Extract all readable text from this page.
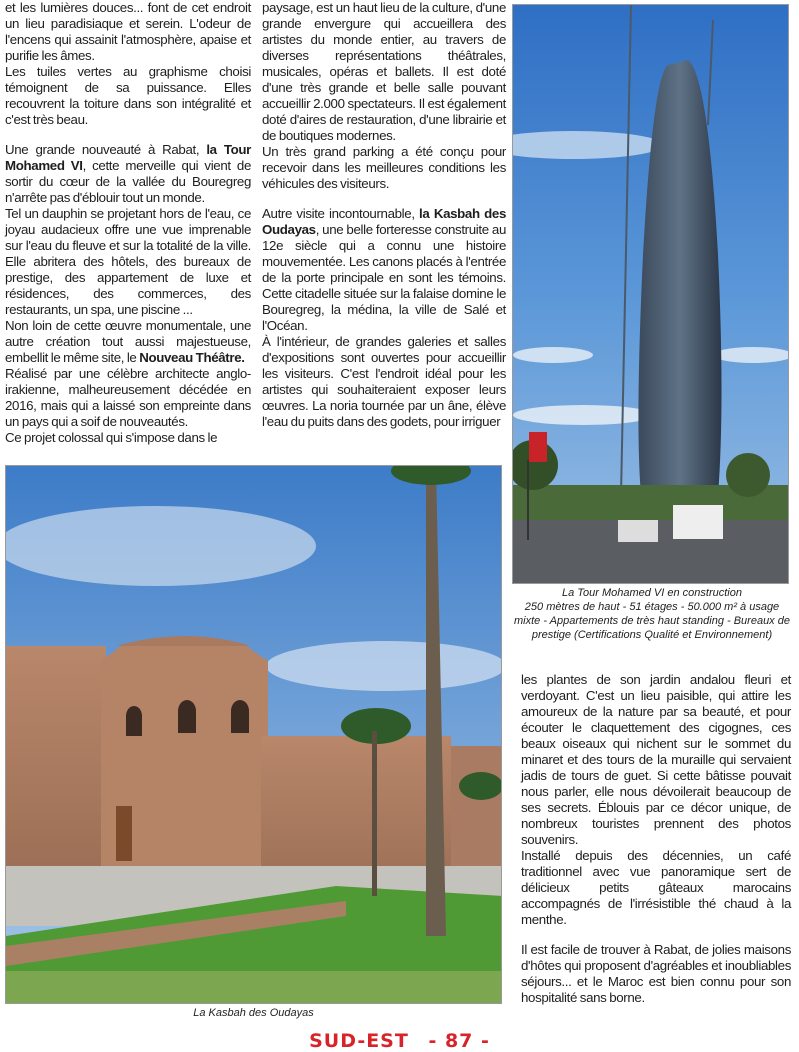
et les lumières douces... font de cet endroit un lieu paradisiaque et serein. L'odeur de l'encens qui assainit l'atmosphère, apaise et purifie les âmes.

Les tuiles vertes au graphisme choisi témoignent de sa puissance. Elles recouvrent la toiture dans son intégralité et c'est très beau.

Une grande nouveauté à Rabat, la Tour Mohamed VI, cette merveille qui vient de sortir du cœur de la vallée du Bouregreg n'arrête pas d'éblouir tout un monde.

Tel un dauphin se projetant hors de l'eau, ce joyau audacieux offre une vue imprenable sur l'eau du fleuve et sur la totalité de la ville. Elle abritera des hôtels, des bureaux de prestige, des appartement de luxe et résidences, des commerces, des restaurants, un spa, une piscine ...

Non loin de cette œuvre monumentale, une autre création tout aussi majestueuse, embellit le même site, le Nouveau Théâtre.

Réalisé par une célèbre architecte anglo-irakienne, malheureusement décédée en 2016, mais qui a laissé son empreinte dans un pays qui a soif de nouveautés.

Ce projet colossal qui s'impose dans le

paysage, est un haut lieu de la culture, d'une grande envergure qui accueillera des artistes du monde entier, au travers de diverses représentations théâtrales, musicales, opéras et ballets. Il est doté d'une très grande et belle salle pouvant accueillir 2.000 spectateurs. Il est également doté d'aires de restauration, d'une librairie et de boutiques modernes.

Un très grand parking a été conçu pour recevoir dans les meilleures conditions les véhicules des visiteurs.

Autre visite incontournable, la Kasbah des Oudayas, une belle forteresse construite au 12e siècle qui a connu une histoire mouvementée. Les canons placés à l'entrée de la porte principale en sont les témoins. Cette citadelle située sur la falaise domine le Bouregreg, la médina, la ville de Salé et l'Océan.

À l'intérieur, de grandes galeries et salles d'expositions sont ouvertes pour accueillir les visiteurs. C'est l'endroit idéal pour les artistes qui souhaiteraient exposer leurs œuvres. La noria tournée par un âne, élève l'eau du puits dans des godets, pour irriguer

La Tour Mohamed VI en construction
250 mètres de haut - 51 étages - 50.000 m² à usage mixte - Appartements de très haut standing - Bureaux de prestige (Certifications Qualité et Environnement)
La Kasbah des Oudayas

les plantes de son jardin andalou fleuri et verdoyant. C'est un lieu paisible, qui attire les amoureux de la nature par sa beauté, et pour écouter le claquettement des cigognes, ces beaux oiseaux qui nichent sur le sommet du minaret et des tours de la muraille qui servaient jadis de tours de guet. Si cette bâtisse pouvait nous parler, elle nous dévoilerait beaucoup de ses secrets. Éblouis par ce décor unique, de nombreux touristes prennent des photos souvenirs.

Installé depuis des décennies, un café traditionnel avec vue panoramique sert de délicieux petits gâteaux marocains accompagnés de l'irrésistible thé chaud à la menthe.

Il est facile de trouver à Rabat, de jolies maisons d'hôtes qui proposent d'agréables et inoubliables séjours... et le Maroc est bien connu pour son hospitalité sans borne.

SUD-EST - 87 -
